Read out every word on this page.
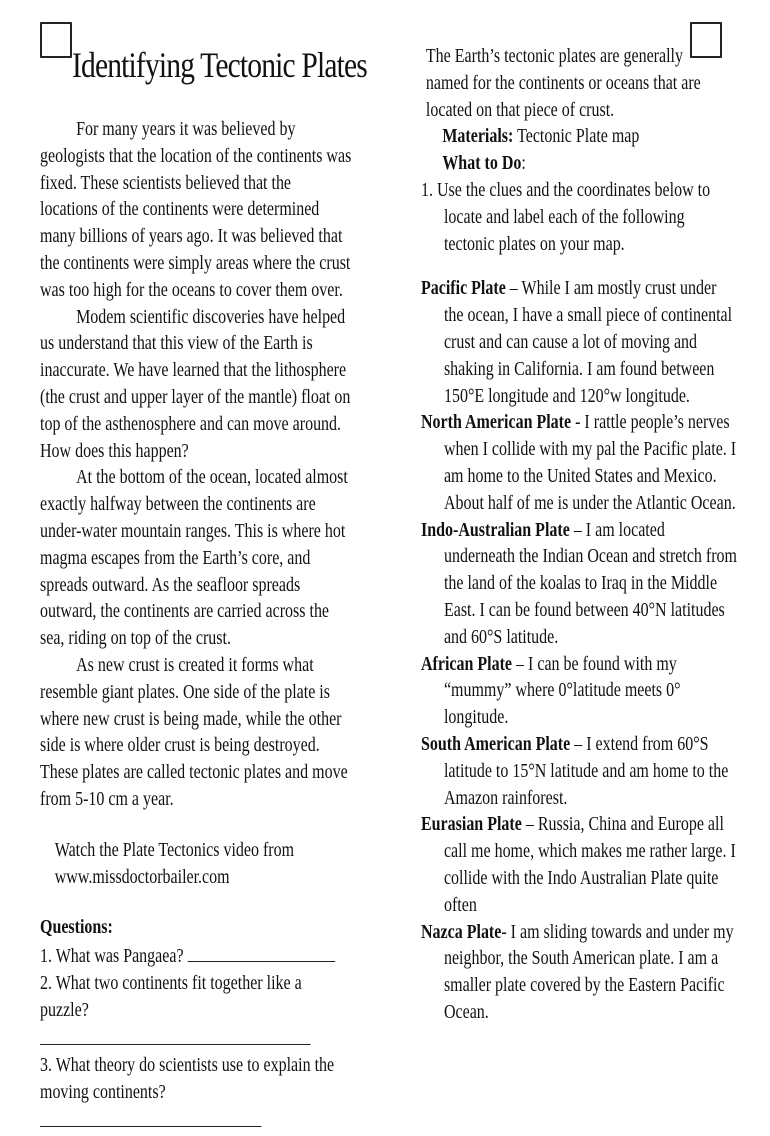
Identifying Tectonic Plates

For many years it was believed by geologists that the location of the continents was fixed. These scientists believed that the locations of the continents were determined many billions of years ago. It was believed that the continents were simply areas where the crust was too high for the oceans to cover them over.

Modem scientific discoveries have helped us understand that this view of the Earth is inaccurate. We have learned that the lithosphere (the crust and upper layer of the mantle) float on top of the asthenosphere and can move around. How does this happen?

At the bottom of the ocean, located almost exactly halfway between the continents are under-water mountain ranges. This is where hot magma escapes from the Earth’s core, and spreads outward. As the seafloor spreads outward, the continents are carried across the sea, riding on top of the crust.

As new crust is created it forms what resemble giant plates. One side of the plate is where new crust is being made, while the other side is where older crust is being destroyed. These plates are called tectonic plates and move from 5-10 cm a year.

Watch the Plate Tectonics video from
www.missdoctorbailer.com

Questions:

1. What was Pangaea?

2. What two continents fit together like a puzzle?

3. What theory do scientists use to explain the moving continents?

The Earth’s tectonic plates are generally named for the continents or oceans that are located on that piece of crust.

Materials: Tectonic Plate map

What to Do:

1. Use the clues and the coordinates below to locate and label each of the following tectonic plates on your map.

Pacific Plate – While I am mostly crust under the ocean, I have a small piece of continental crust and can cause a lot of moving and shaking in California. I am found between 150°E longitude and 120°w longitude.

North American Plate - I rattle people’s nerves when I collide with my pal the Pacific plate. I am home to the United States and Mexico. About half of me is under the Atlantic Ocean.

Indo-Australian Plate – I am located underneath the Indian Ocean and stretch from the land of the koalas to Iraq in the Middle East. I can be found between 40°N latitudes and 60°S latitude.

African Plate – I can be found with my “mummy” where 0°latitude meets 0° longitude.

South American Plate – I extend from 60°S latitude to 15°N latitude and am home to the Amazon rainforest.

Eurasian Plate – Russia, China and Europe all call me home, which makes me rather large. I collide with the Indo Australian Plate quite often

Nazca Plate- I am sliding towards and under my neighbor, the South American plate. I am a smaller plate covered by the Eastern Pacific Ocean.
